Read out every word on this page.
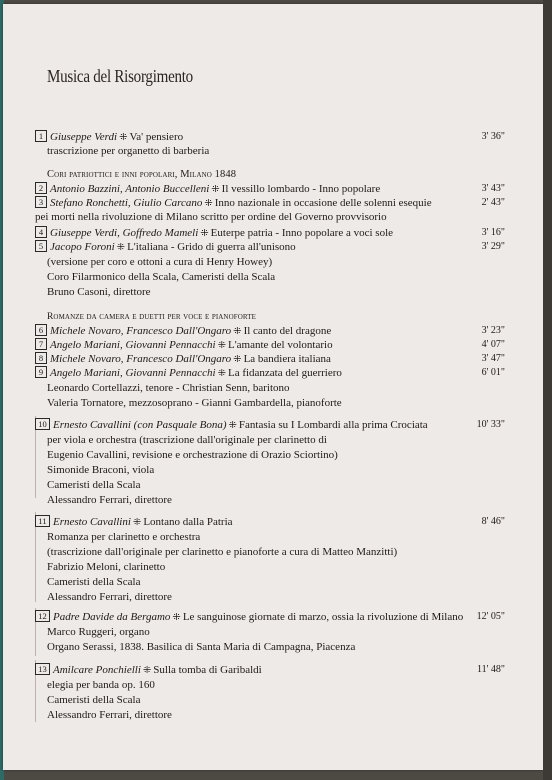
Musica del Risorgimento
1 Giuseppe Verdi ⁜ Va' pensiero	3' 36"
trascrizione per organetto di barberia
Cori patriottici e inni popolari, Milano 1848
2 Antonio Bazzini, Antonio Buccelleni ⁜ Il vessillo lombardo - Inno popolare	3' 43"
3 Stefano Ronchetti, Giulio Carcano ⁜ Inno nazionale in occasione delle solenni esequie	2' 43"
pei morti nella rivoluzione di Milano scritto per ordine del Governo provvisorio
4 Giuseppe Verdi, Goffredo Mameli ⁜ Euterpe patria - Inno popolare a voci sole	3' 16"
5 Jacopo Foroni ⁜ L'italiana - Grido di guerra all'unisono	3' 29"
(versione per coro e ottoni a cura di Henry Howey)
Coro Filarmonico della Scala, Cameristi della Scala
Bruno Casoni, direttore
Romanze da camera e duetti per voce e pianoforte
6 Michele Novaro, Francesco Dall'Ongaro ⁜ Il canto del dragone	3' 23"
7 Angelo Mariani, Giovanni Pennacchi ⁜ L'amante del volontario	4' 07"
8 Michele Novaro, Francesco Dall'Ongaro ⁜ La bandiera italiana	3' 47"
9 Angelo Mariani, Giovanni Pennacchi ⁜ La fidanzata del guerriero	6' 01"
Leonardo Cortellazzi, tenore - Christian Senn, baritono
Valeria Tornatore, mezzosoprano - Gianni Gambardella, pianoforte
10 Ernesto Cavallini (con Pasquale Bona) ⁜ Fantasia su I Lombardi alla prima Crociata	10' 33"
per viola e orchestra (trascrizione dall'originale per clarinetto di
Eugenio Cavallini, revisione e orchestrazione di Orazio Sciortino)
Simonide Braconi, viola
Cameristi della Scala
Alessandro Ferrari, direttore
11 Ernesto Cavallini ⁜ Lontano dalla Patria	8' 46"
Romanza per clarinetto e orchestra
(trascrizione dall'originale per clarinetto e pianoforte a cura di Matteo Manzitti)
Fabrizio Meloni, clarinetto
Cameristi della Scala
Alessandro Ferrari, direttore
12 Padre Davide da Bergamo ⁜ Le sanguinose giornate di marzo, ossia la rivoluzione di Milano 12' 05"
Marco Ruggeri, organo
Organo Serassi, 1838. Basilica di Santa Maria di Campagna, Piacenza
13 Amilcare Ponchielli ⁜ Sulla tomba di Garibaldi	11' 48"
elegia per banda op. 160
Cameristi della Scala
Alessandro Ferrari, direttore
